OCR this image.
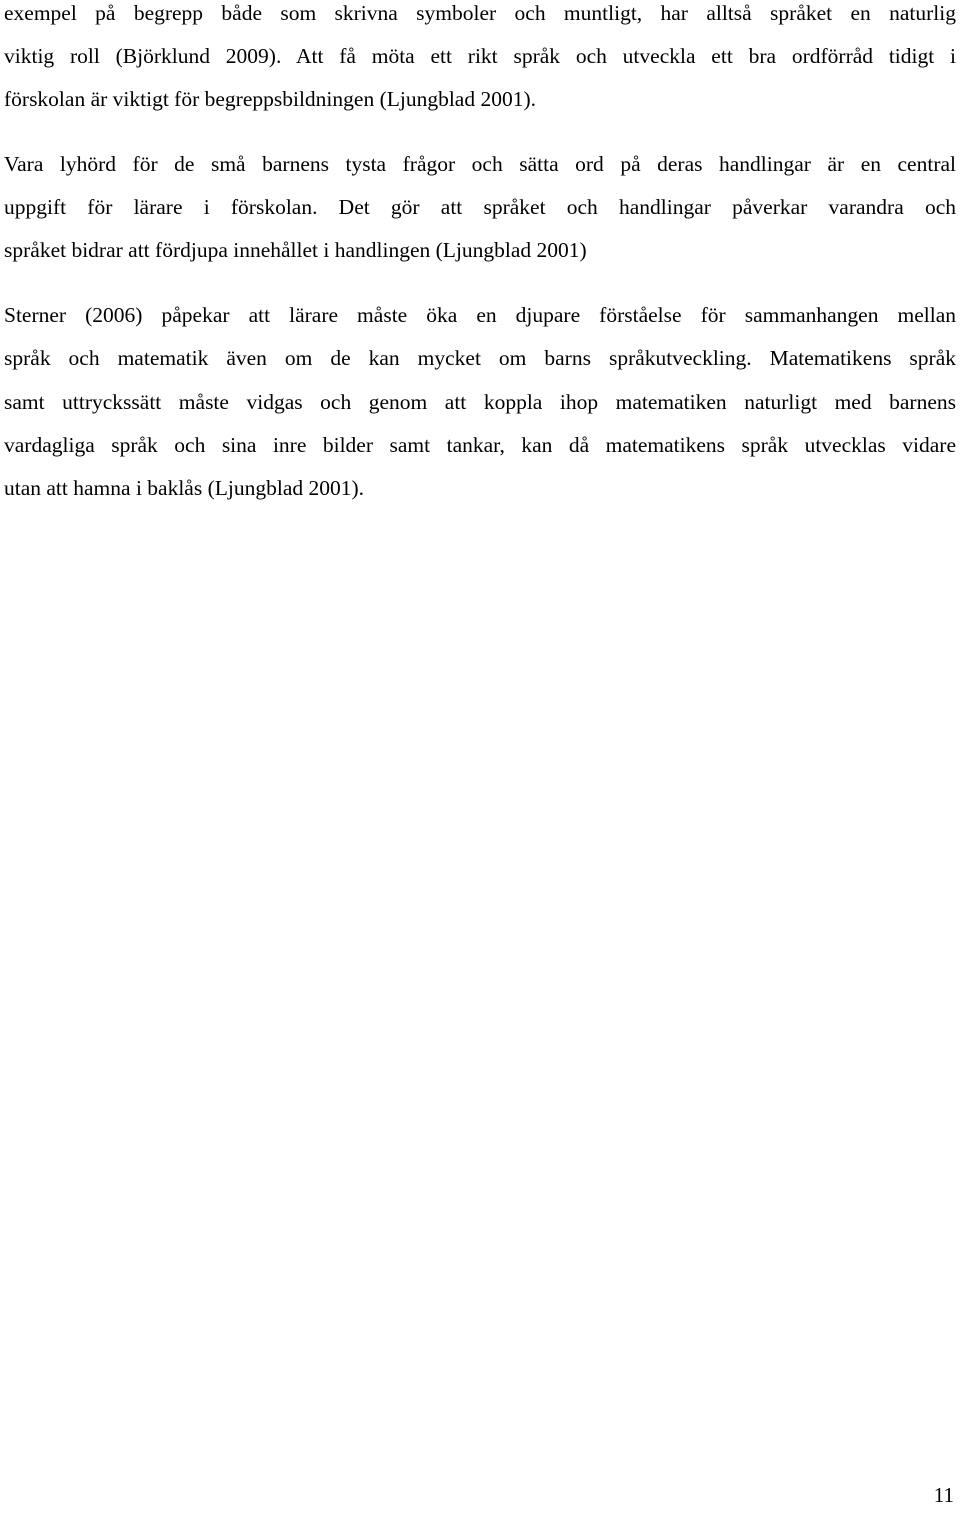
exempel på begrepp både som skrivna symboler och muntligt, har alltså språket en naturlig
viktig roll (Björklund 2009). Att få möta ett rikt språk och utveckla ett bra ordförråd tidigt i
förskolan är viktigt för begreppsbildningen (Ljungblad 2001).
Vara lyhörd för de små barnens tysta frågor och sätta ord på deras handlingar är en central
uppgift för lärare i förskolan. Det gör att språket och handlingar påverkar varandra och
språket bidrar att fördjupa innehållet i handlingen (Ljungblad 2001)
Sterner (2006) påpekar att lärare måste öka en djupare förståelse för sammanhangen mellan
språk och matematik även om de kan mycket om barns språkutveckling. Matematikens språk
samt uttryckssätt måste vidgas och genom att koppla ihop matematiken naturligt med barnens
vardagliga språk och sina inre bilder samt tankar, kan då matematikens språk utvecklas vidare
utan att hamna i baklås (Ljungblad 2001).
11
